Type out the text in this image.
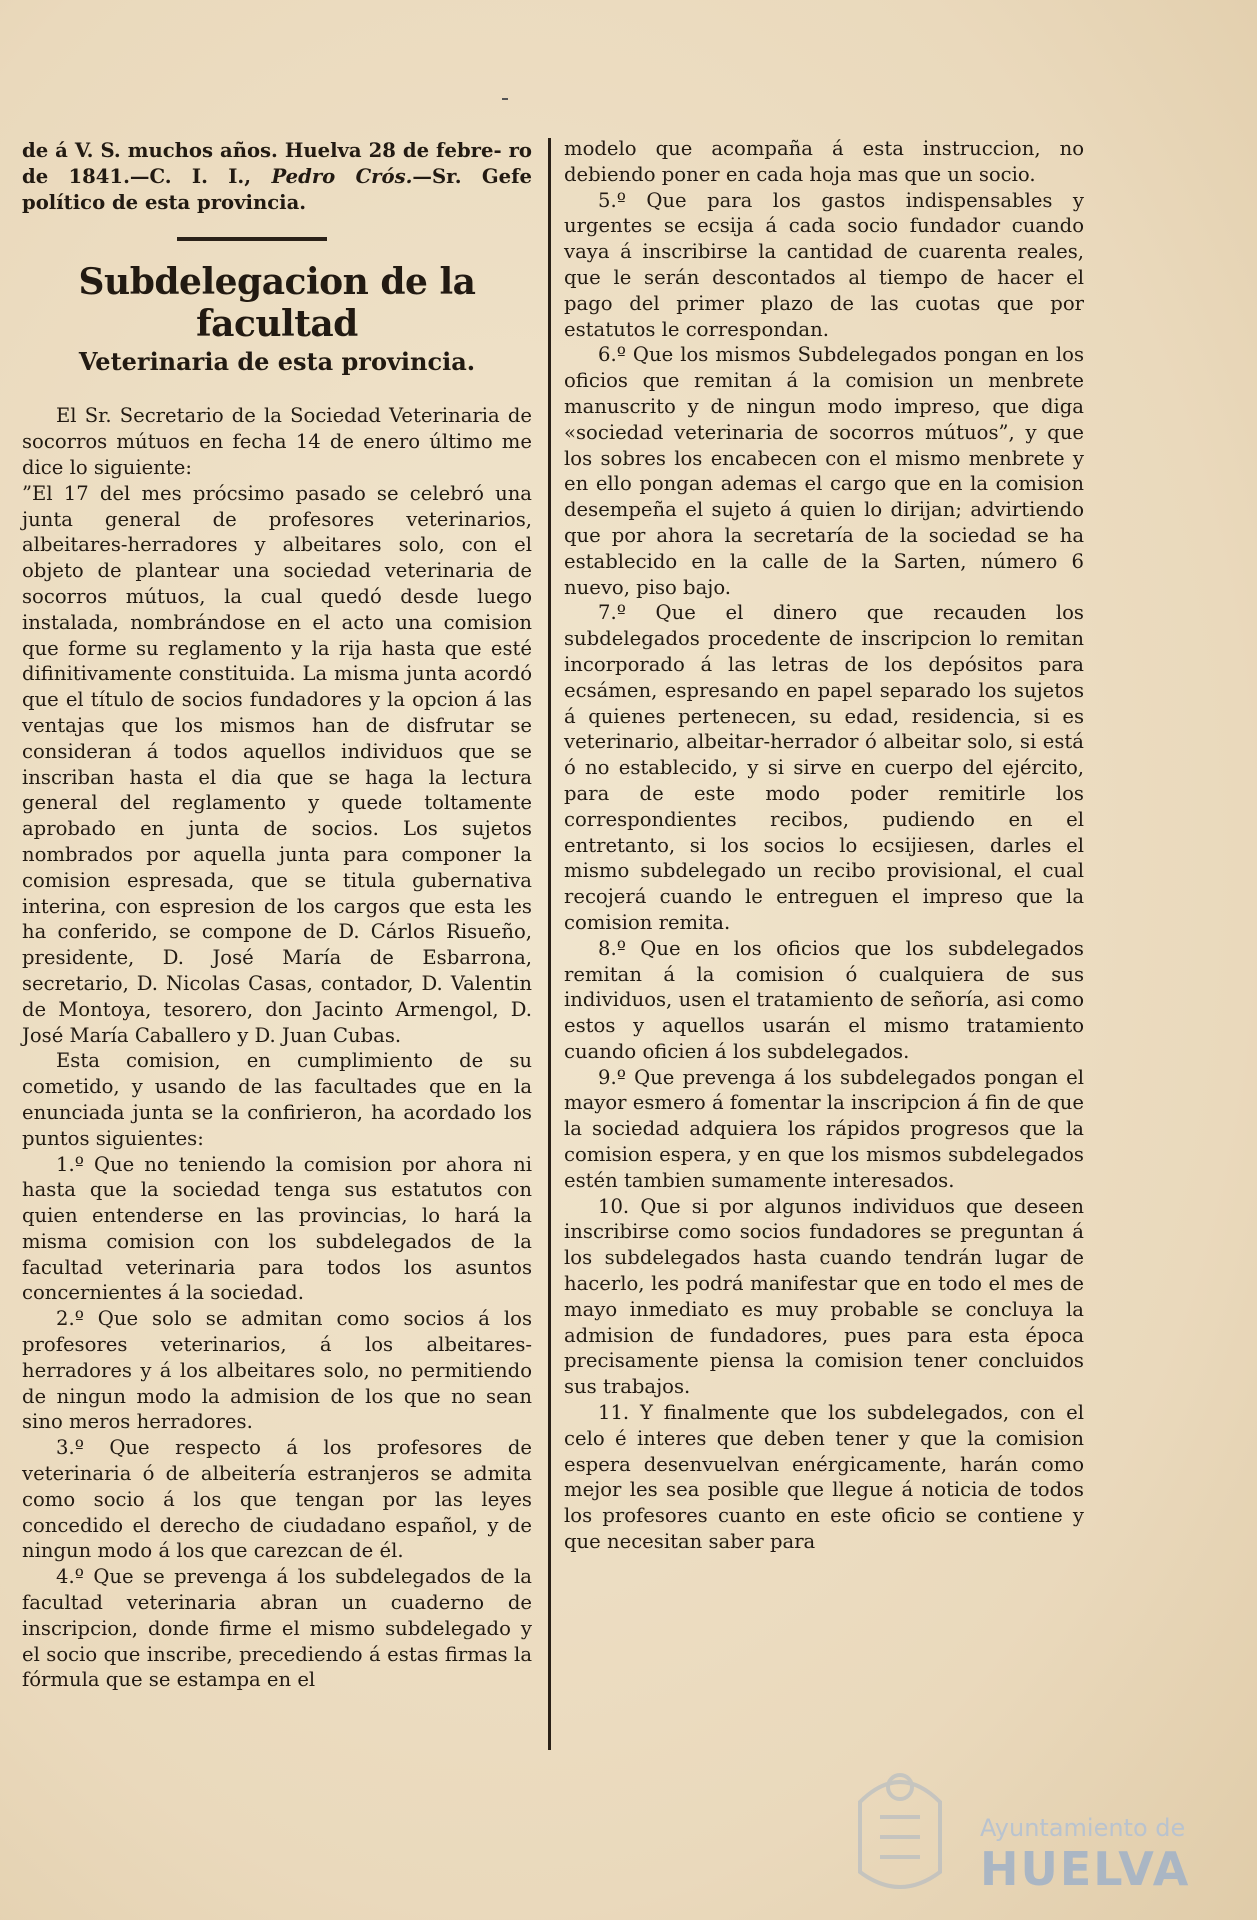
de á V. S. muchos años. Huelva 28 de febre- ro de 1841.—C. I. I., Pedro Crós.—Sr. Gefe político de esta provincia.

Subdelegacion de la facultad
Veterinaria de esta provincia.

El Sr. Secretario de la Sociedad Veterinaria de socorros mútuos en fecha 14 de enero último me dice lo siguiente:

”El 17 del mes prócsimo pasado se celebró una junta general de profesores veterinarios, albeitares-herradores y albeitares solo, con el objeto de plantear una sociedad veterinaria de socorros mútuos, la cual quedó desde luego instalada, nombrándose en el acto una comision que forme su reglamento y la rija hasta que esté difinitivamente constituida. La misma junta acordó que el título de socios fundadores y la opcion á las ventajas que los mismos han de disfrutar se consideran á todos aquellos individuos que se inscriban hasta el dia que se haga la lectura general del reglamento y quede toltamente aprobado en junta de socios. Los sujetos nombrados por aquella junta para componer la comision espresada, que se titula gubernativa interina, con espresion de los cargos que esta les ha conferido, se compone de D. Cárlos Risueño, presidente, D. José María de Esbarrona, secretario, D. Nicolas Casas, contador, D. Valentin de Montoya, tesorero, don Jacinto Armengol, D. José María Caballero y D. Juan Cubas.

Esta comision, en cumplimiento de su cometido, y usando de las facultades que en la enunciada junta se la confirieron, ha acordado los puntos siguientes:

1.º Que no teniendo la comision por ahora ni hasta que la sociedad tenga sus estatutos con quien entenderse en las provincias, lo hará la misma comision con los subdelegados de la facultad veterinaria para todos los asuntos concernientes á la sociedad.

2.º Que solo se admitan como socios á los profesores veterinarios, á los albeitares-herradores y á los albeitares solo, no permitiendo de ningun modo la admision de los que no sean sino meros herradores.

3.º Que respecto á los profesores de veterinaria ó de albeitería estranjeros se admita como socio á los que tengan por las leyes concedido el derecho de ciudadano español, y de ningun modo á los que carezcan de él.

4.º Que se prevenga á los subdelegados de la facultad veterinaria abran un cuaderno de inscripcion, donde firme el mismo subdelegado y el socio que inscribe, precediendo á estas firmas la fórmula que se estampa en el

modelo que acompaña á esta instruccion, no debiendo poner en cada hoja mas que un socio.

5.º Que para los gastos indispensables y urgentes se ecsija á cada socio fundador cuando vaya á inscribirse la cantidad de cuarenta reales, que le serán descontados al tiempo de hacer el pago del primer plazo de las cuotas que por estatutos le correspondan.

6.º Que los mismos Subdelegados pongan en los oficios que remitan á la comision un menbrete manuscrito y de ningun modo impreso, que diga «sociedad veterinaria de socorros mútuos”, y que los sobres los encabecen con el mismo menbrete y en ello pongan ademas el cargo que en la comision desempeña el sujeto á quien lo dirijan; advirtiendo que por ahora la secretaría de la sociedad se ha establecido en la calle de la Sarten, número 6 nuevo, piso bajo.

7.º Que el dinero que recauden los subdelegados procedente de inscripcion lo remitan incorporado á las letras de los depósitos para ecsámen, espresando en papel separado los sujetos á quienes pertenecen, su edad, residencia, si es veterinario, albeitar-herrador ó albeitar solo, si está ó no establecido, y si sirve en cuerpo del ejército, para de este modo poder remitirle los correspondientes recibos, pudiendo en el entretanto, si los socios lo ecsijiesen, darles el mismo subdelegado un recibo provisional, el cual recojerá cuando le entreguen el impreso que la comision remita.

8.º Que en los oficios que los subdelegados remitan á la comision ó cualquiera de sus individuos, usen el tratamiento de señoría, asi como estos y aquellos usarán el mismo tratamiento cuando oficien á los subdelegados.

9.º Que prevenga á los subdelegados pongan el mayor esmero á fomentar la inscripcion á fin de que la sociedad adquiera los rápidos progresos que la comision espera, y en que los mismos subdelegados estén tambien sumamente interesados.

10. Que si por algunos individuos que deseen inscribirse como socios fundadores se preguntan á los subdelegados hasta cuando tendrán lugar de hacerlo, les podrá manifestar que en todo el mes de mayo inmediato es muy probable se concluya la admision de fundadores, pues para esta época precisamente piensa la comision tener concluidos sus trabajos.

11. Y finalmente que los subdelegados, con el celo é interes que deben tener y que la comision espera desenvuelvan enérgicamente, harán como mejor les sea posible que llegue á noticia de todos los profesores cuanto en este oficio se contiene y que necesitan saber para

Ayuntamiento de
HUELVA
